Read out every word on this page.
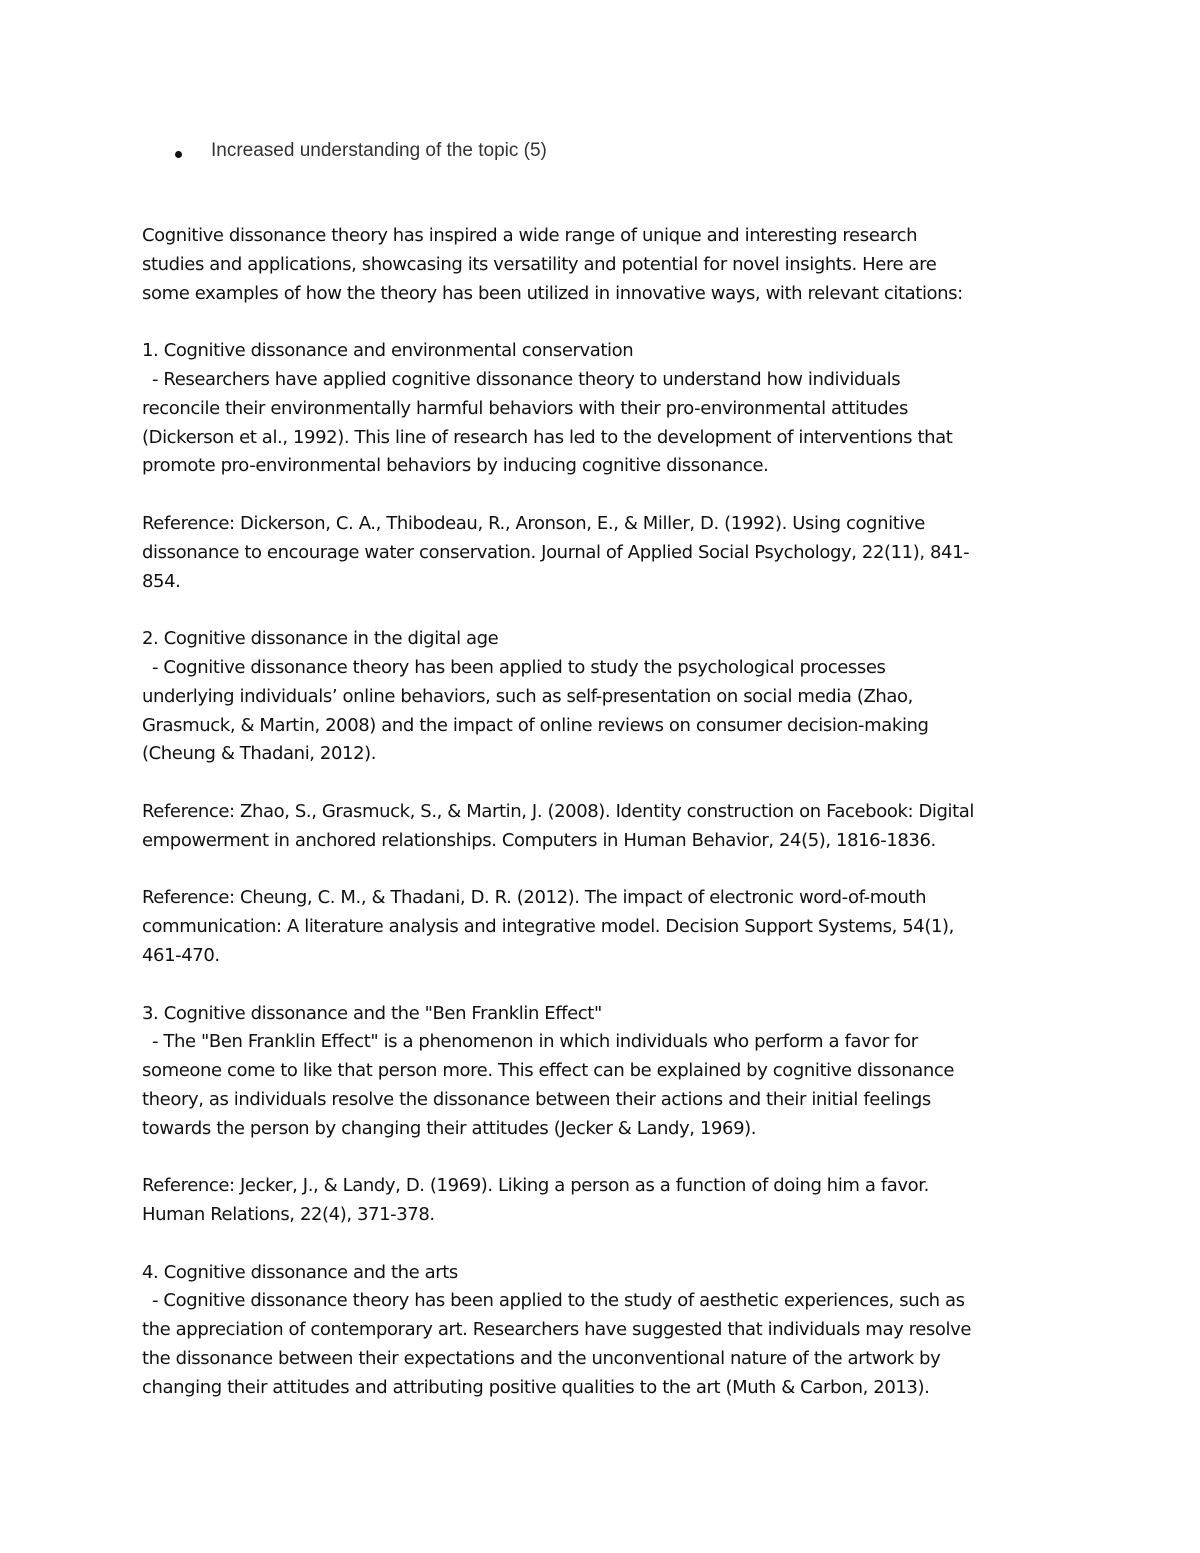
Increased understanding of the topic (5)

Cognitive dissonance theory has inspired a wide range of unique and interesting research
studies and applications, showcasing its versatility and potential for novel insights. Here are
some examples of how the theory has been utilized in innovative ways, with relevant citations:

1. Cognitive dissonance and environmental conservation
- Researchers have applied cognitive dissonance theory to understand how individuals
reconcile their environmentally harmful behaviors with their pro-environmental attitudes
(Dickerson et al., 1992). This line of research has led to the development of interventions that
promote pro-environmental behaviors by inducing cognitive dissonance.

Reference: Dickerson, C. A., Thibodeau, R., Aronson, E., & Miller, D. (1992). Using cognitive
dissonance to encourage water conservation. Journal of Applied Social Psychology, 22(11), 841-
854.

2. Cognitive dissonance in the digital age
- Cognitive dissonance theory has been applied to study the psychological processes
underlying individuals’ online behaviors, such as self-presentation on social media (Zhao,
Grasmuck, & Martin, 2008) and the impact of online reviews on consumer decision-making
(Cheung & Thadani, 2012).

Reference: Zhao, S., Grasmuck, S., & Martin, J. (2008). Identity construction on Facebook: Digital
empowerment in anchored relationships. Computers in Human Behavior, 24(5), 1816-1836.

Reference: Cheung, C. M., & Thadani, D. R. (2012). The impact of electronic word-of-mouth
communication: A literature analysis and integrative model. Decision Support Systems, 54(1),
461-470.

3. Cognitive dissonance and the "Ben Franklin Effect"
- The "Ben Franklin Effect" is a phenomenon in which individuals who perform a favor for
someone come to like that person more. This effect can be explained by cognitive dissonance
theory, as individuals resolve the dissonance between their actions and their initial feelings
towards the person by changing their attitudes (Jecker & Landy, 1969).

Reference: Jecker, J., & Landy, D. (1969). Liking a person as a function of doing him a favor.
Human Relations, 22(4), 371-378.

4. Cognitive dissonance and the arts
- Cognitive dissonance theory has been applied to the study of aesthetic experiences, such as
the appreciation of contemporary art. Researchers have suggested that individuals may resolve
the dissonance between their expectations and the unconventional nature of the artwork by
changing their attitudes and attributing positive qualities to the art (Muth & Carbon, 2013).
